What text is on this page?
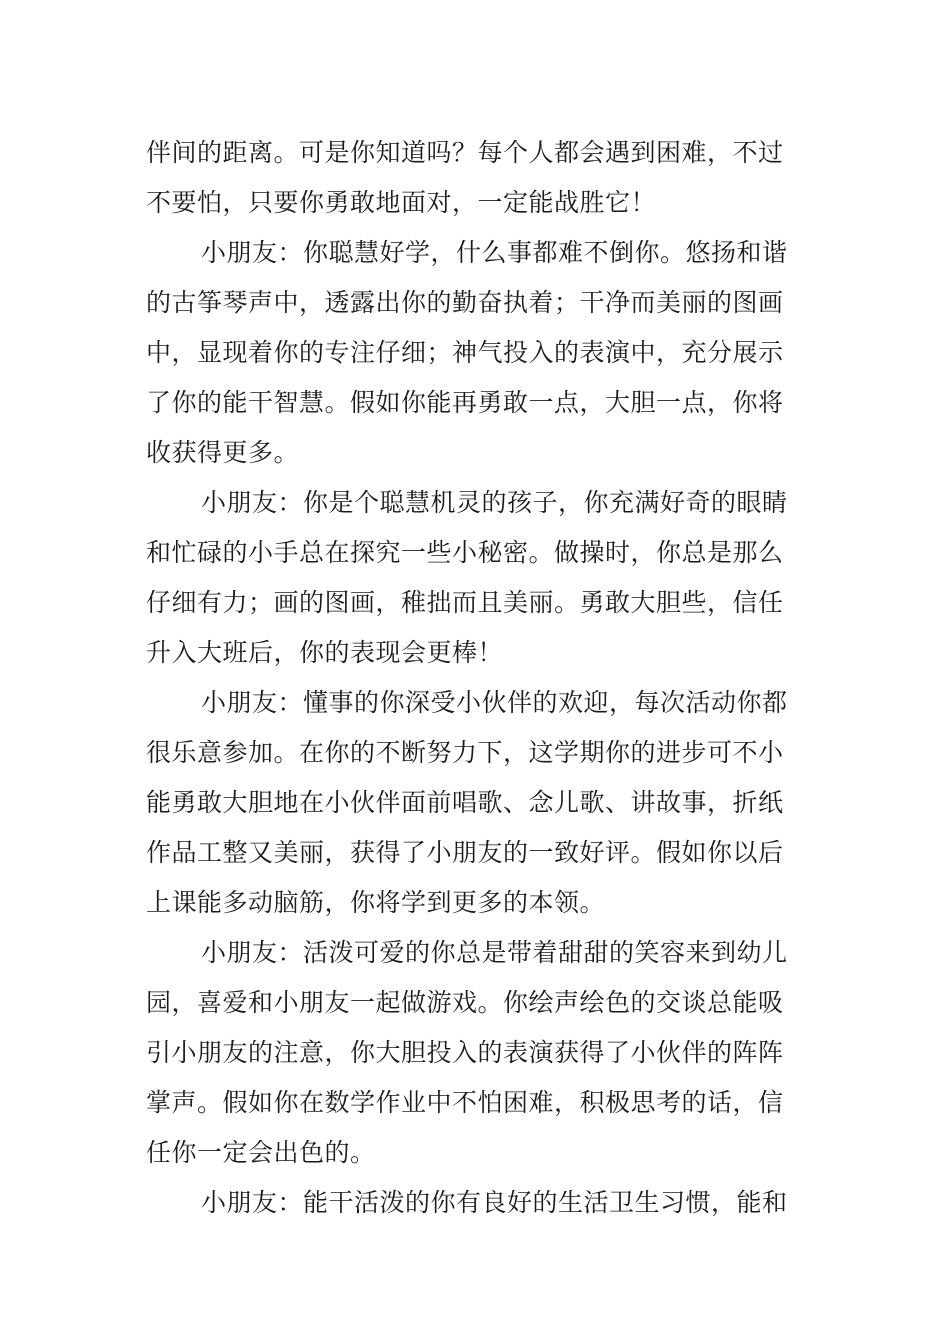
伴间的距离。可是你知道吗？每个人都会遇到困难，不过
不要怕，只要你勇敢地面对，一定能战胜它！

小朋友：你聪慧好学，什么事都难不倒你。悠扬和谐
的古筝琴声中，透露出你的勤奋执着；干净而美丽的图画
中，显现着你的专注仔细；神气投入的表演中，充分展示
了你的能干智慧。假如你能再勇敢一点，大胆一点，你将
收获得更多。

小朋友：你是个聪慧机灵的孩子，你充满好奇的眼睛
和忙碌的小手总在探究一些小秘密。做操时，你总是那么
仔细有力；画的图画，稚拙而且美丽。勇敢大胆些，信任
升入大班后，你的表现会更棒！

小朋友：懂事的你深受小伙伴的欢迎，每次活动你都
很乐意参加。在你的不断努力下，这学期你的进步可不小
能勇敢大胆地在小伙伴面前唱歌、念儿歌、讲故事，折纸
作品工整又美丽，获得了小朋友的一致好评。假如你以后
上课能多动脑筋，你将学到更多的本领。

小朋友：活泼可爱的你总是带着甜甜的笑容来到幼儿
园，喜爱和小朋友一起做游戏。你绘声绘色的交谈总能吸
引小朋友的注意，你大胆投入的表演获得了小伙伴的阵阵
掌声。假如你在数学作业中不怕困难，积极思考的话，信
任你一定会出色的。

小朋友：能干活泼的你有良好的生活卫生习惯，能和
